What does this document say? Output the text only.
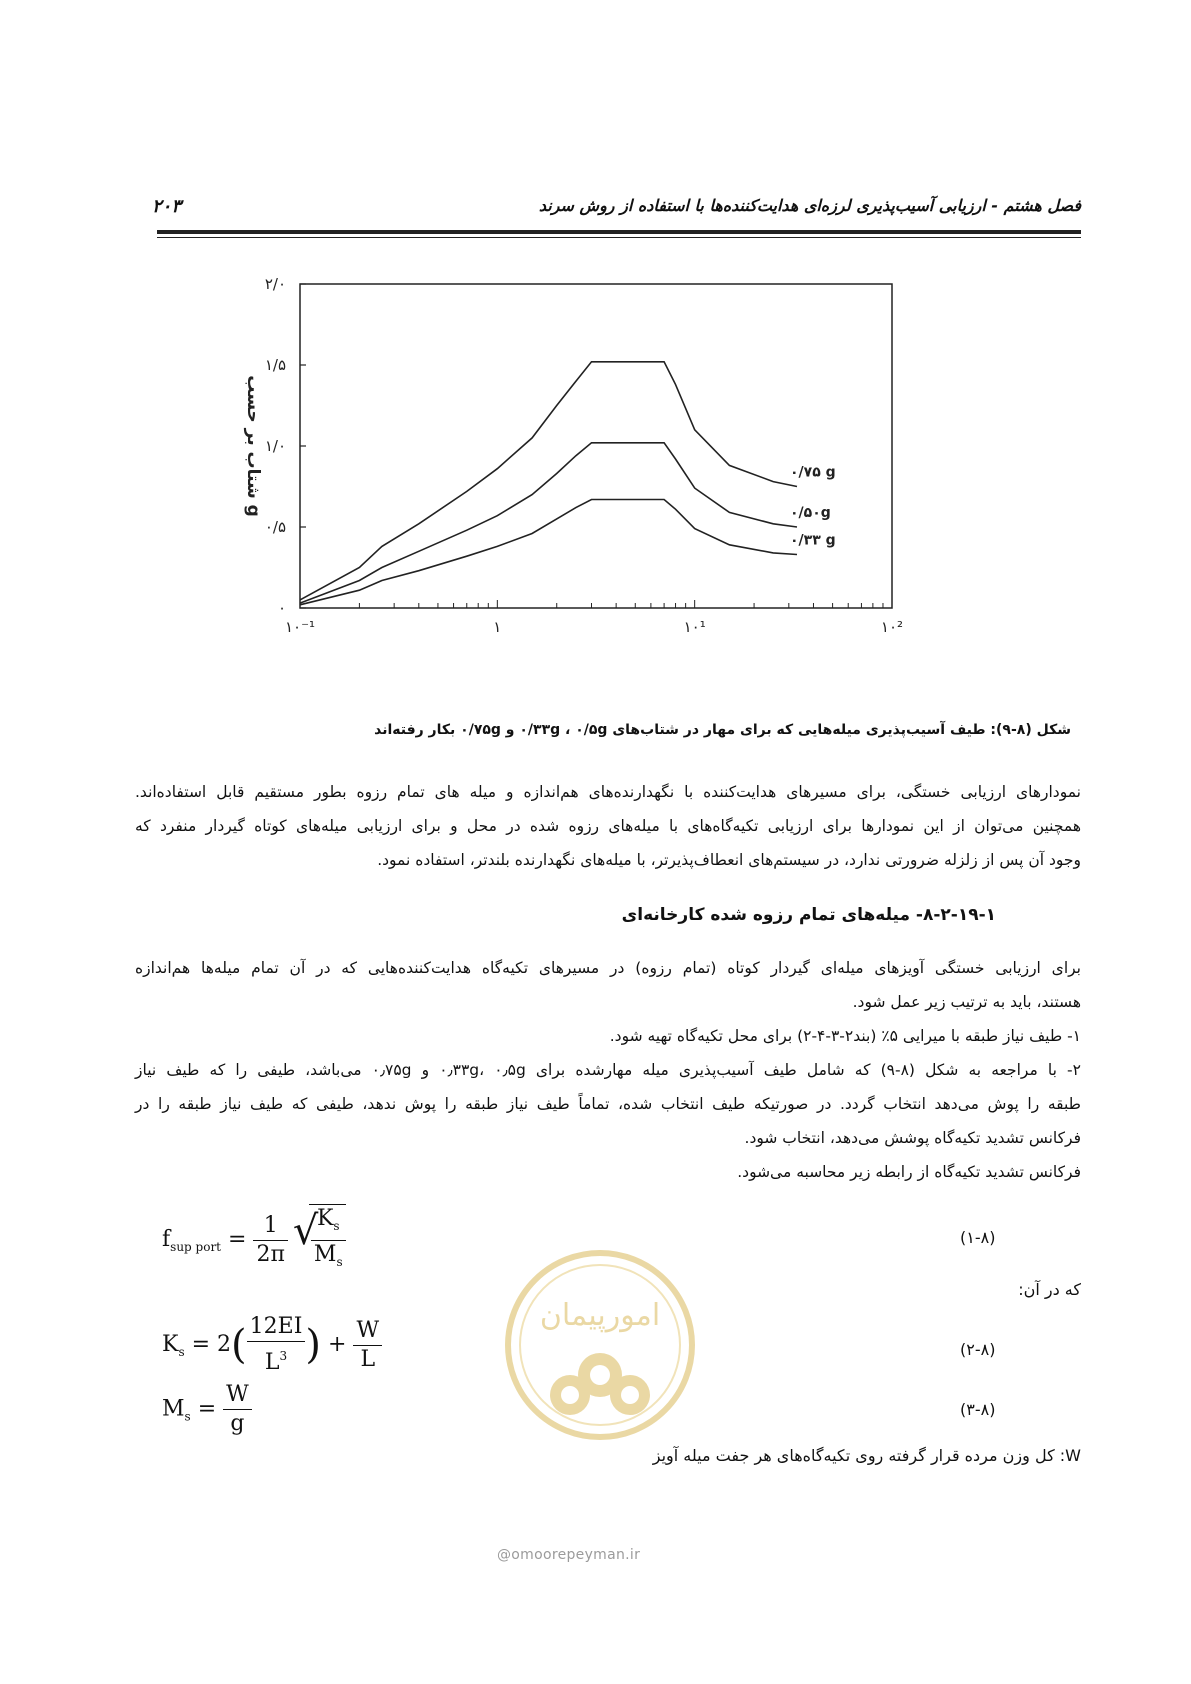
فصل هشتم - ارزیابی آسیب‌پذیری لرزه‌ای هدایت‌کننده‌ها با استفاده از روش سرند
۲۰۳
۰
۰/۵
۱/۰
۱/۵
۲/۰
۱۰⁻¹	۱	۱۰¹	۱۰²
شتاب بر حسب g
۰/۷۵ g
۰/۵۰g
۰/۳۳ g
شکل (۸-۹): طیف آسیب‌پذیری میله‌هایی که برای مهار در شتاب‌های ۰/۳۳g ، ۰/۵g و ۰/۷۵g بکار رفته‌اند
نمودارهای ارزیابی خستگی، برای مسیرهای هدایت‌کننده با نگهدارنده‌های هم‌اندازه و میله های تمام رزوه بطور مستقیم قابل استفاده‌اند.
همچنین می‌توان از این نمودارها برای ارزیابی تکیه‌گاه‌های با میله‌های رزوه شده در محل و برای ارزیابی میله‌های کوتاه گیردار منفرد که
وجود آن پس از زلزله ضرورتی ندارد، در سیستم‌های انعطاف‌پذیرتر، با میله‌های نگهدارنده بلندتر، استفاده نمود.
۸-۲-۱۹-۱- میله‌های تمام رزوه شده کارخانه‌ای
برای ارزیابی خستگی آویزهای میله‌ای گیردار کوتاه (تمام رزوه) در مسیرهای تکیه‌گاه هدایت‌کننده‌هایی که در آن تمام میله‌ها هم‌اندازه
هستند، باید به ترتیب زیر عمل شود.
۱- طیف نیاز طبقه با میرایی ۵٪ (بند۲-۳-۴-۲) برای محل تکیه‌گاه تهیه شود.
۲- با مراجعه به شکل (۸-۹) که شامل طیف آسیب‌پذیری میله مهارشده برای ۰٫۳۳g، ۰٫۵g و ۰٫۷۵g می‌باشد، طیفی را که طیف نیاز
طبقه را پوش می‌دهد انتخاب گردد. در صورتیکه طیف انتخاب شده، تماماً طیف نیاز طبقه را پوش ندهد، طیفی که طیف نیاز طبقه را در
فرکانس تشدید تکیه‌گاه پوشش می‌دهد، انتخاب شود.
فرکانس تشدید تکیه‌گاه از رابطه زیر محاسبه می‌شود.
$f_{sup port} = \frac{1}{2\pi}$
√
$\frac{K_s}{M_s}$	(۱-۸)
که در آن:
$K_s = 2( \frac{12EI}{L^3}$ ) + $\frac{W}{L}$	(۲-۸)
$M_s = \frac{W}{g}$	(۳-۸)
W: کل وزن مرده قرار گرفته روی تکیه‌گاه‌های هر جفت میله آویز
امورپیمان
@omoorepeyman.ir
